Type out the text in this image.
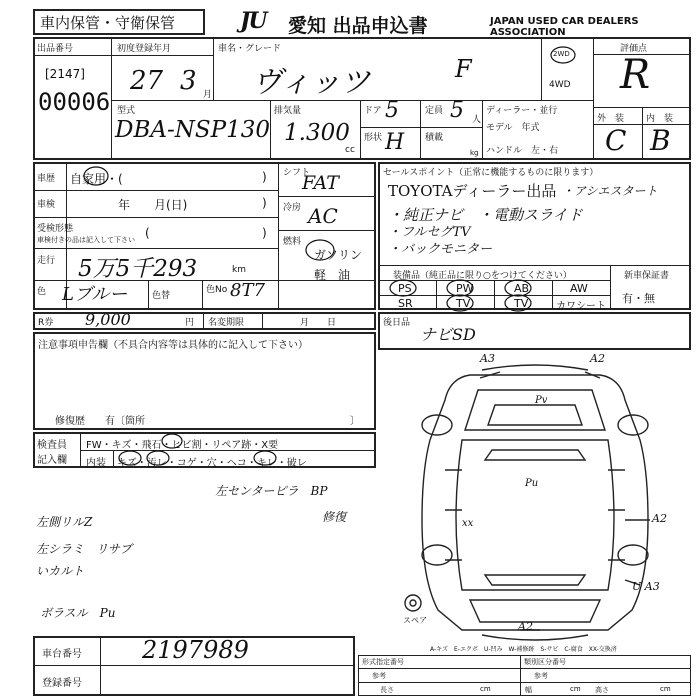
車内保管・守衛保管	JU 愛知 出品申込書	JAPAN USED CAR DEALERS ASSOCIATION
出品番号
[2147]
00006
初度登録年月
27 3 月
車名・グレード
ヴィッツ	F
2WD
4WD
評価点
R
外　装 内　装
C B
型式
DBA-NSP130
排気量
1.300
cc
ドア 5	定員 5 人
形状 H 積載
kg
ディーラー・並行
モデル　年式
ハンドル　左・右
車歴 自家用・(	)
車検	年　　月(日)	)
受検形態
車検付きの品は記入して下さい (	)
走行 5万5千293	km
色 Lブルー	色替
色No 8T7
シフト
FAT
冷房 AC
燃料
ガソリン
軽　油
セールスポイント（正常に機能するものに限ります）
TOYOTAディーラー出品 ・アシエスタート
・純正ナビ　・電動スライド
・フルセグTV
・バックモニター
装備品（純正品に限り○をつけてください）	新車保証書
有・無
PS	PW	AB	AW
SR	TV	TV	カワシート
R券 9,000	円 名変期限	月　　日	後日品
ナビSD
注意事項申告欄（不具合内容等は具体的に記入して下さい）
修復歴　　有〔箇所	〕
検査員
記入欄
FW・キズ・飛石・ヒビ割・リペア跡・X要
内装 キズ・汚レ・コゲ・穴・ヘコ・キレ・破レ
左センターピラ　BP
修復
左側リルZ
左シラミ　リサブ
いカルト
ボラスル　Pu
A3	A2
Pv
Pu
xx	A2
U A3
A2
スペア
A-キズ　E-エクボ　U-凹み　W-補修跡　S-サビ　C-腐食　XX-交換済
車台番号	2197989
登録番号
形式指定番号	類別区分番号
参考	参考
長さ	cm	幅	cm 高さ	cm
